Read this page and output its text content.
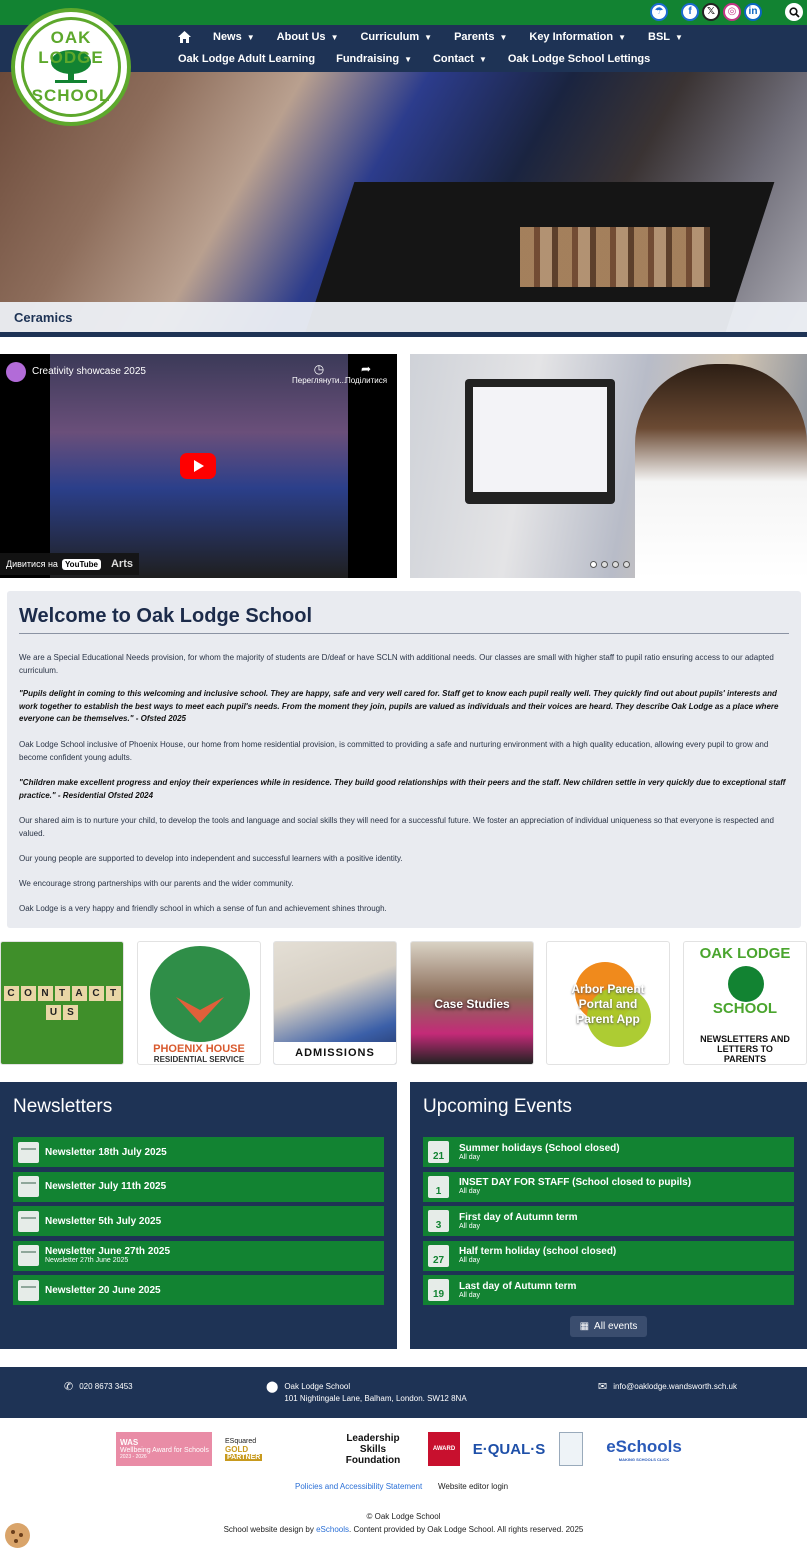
☂	f	𝕏	◎	in
News ▼ About Us ▼ Curriculum ▼ Parents ▼ Key Information ▼ BSL ▼
Oak Lodge Adult Learning Fundraising ▼ Contact ▼ Oak Lodge School Lettings
OAK LODGE
SCHOOL
Ceramics
Creativity showcase 2025	◷
Переглянути...
➦
Поділитися
Дивитися на YouTube Arts
Welcome to Oak Lodge School

We are a Special Educational Needs provision, for whom the majority of students are D/deaf or have SCLN with additional needs. Our classes are small with higher staff to pupil ratio ensuring access to our adapted curriculum.

"Pupils delight in coming to this welcoming and inclusive school. They are happy, safe and very well cared for. Staff get to know each pupil really well. They quickly find out about pupils' interests and work together to establish the best ways to meet each pupil's needs. From the moment they join, pupils are valued as individuals and their voices are heard. They describe Oak Lodge as a place where everyone can be themselves." - Ofsted 2025

Oak Lodge School inclusive of Phoenix House, our home from home residential provision, is committed to providing a safe and nurturing environment with a high quality education, allowing every pupil to grow and become confident young adults.

"Children make excellent progress and enjoy their experiences while in residence. They build good relationships with their peers and the staff. New children settle in very quickly due to exceptional staff practice." - Residential Ofsted 2024

Our shared aim is to nurture your child, to develop the tools and language and social skills they will need for a successful future. We foster an appreciation of individual uniqueness so that everyone is respected and valued.

Our young people are supported to develop into independent and successful learners with a positive identity.

We encourage strong partnerships with our parents and the wider community.

Oak Lodge is a very happy and friendly school in which a sense of fun and achievement shines through.

C O N	T	A C	T
U	S
PHOENIX HOUSE
RESIDENTIAL SERVICE
ADMISSIONS
Case Studies
Arbor Parent Portal and Parent App
OAK LODGE
SCHOOL
NEWSLETTERS AND LETTERS TO PARENTS
Newsletters
Newsletter 18th July 2025
Newsletter July 11th 2025
Newsletter 5th July 2025
Newsletter June 27th 2025
Newsletter 27th June 2025
Newsletter 20 June 2025
Upcoming Events
21
Summer holidays (School closed)
All day
1
INSET DAY FOR STAFF (School closed to pupils)
All day
3
First day of Autumn term
All day
27
Half term holiday (school closed)
All day
19
Last day of Autumn term
All day
▦ All events
✆ 020 8673 3453	⬤ Oak Lodge School
101 Nightingale Lane, Balham, London. SW12 8NA
✉ info@oaklodge.wandsworth.sch.uk
WAS
Wellbeing Award for Schools
2023 - 2026
ESquared
GOLD
PARTNER
Leadership
Skills
Foundation
AWARD E·QUAL·S	eSchools
MAKING SCHOOLS CLICK
Policies and Accessibility Statement Website editor login
© Oak Lodge School
School website design by eSchools. Content provided by Oak Lodge School. All rights reserved. 2025
